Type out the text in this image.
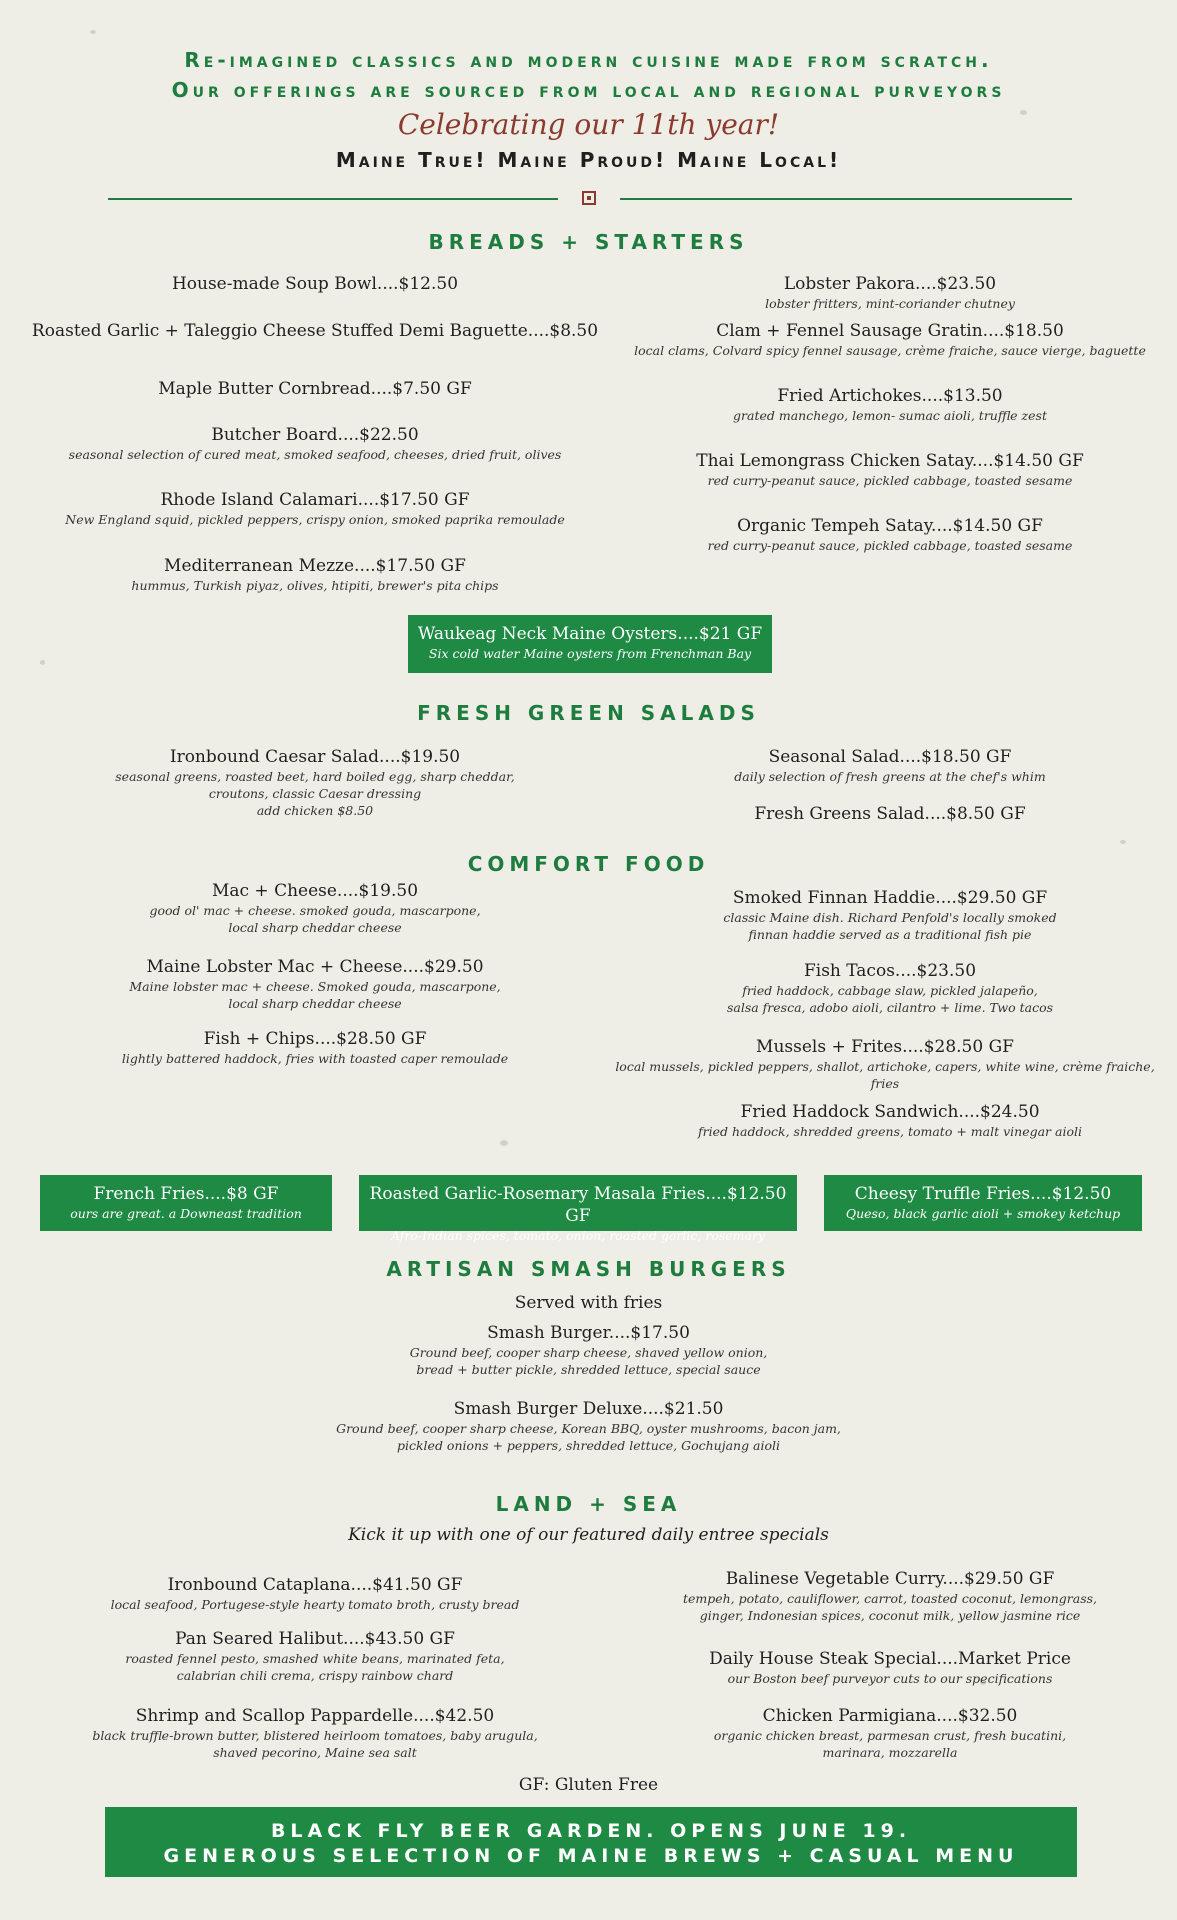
Re-imagined classics and modern cuisine made from scratch.
Our offerings are sourced from local and regional purveyors
Celebrating our 11th year!
Maine True! Maine Proud! Maine Local!
BREADS + STARTERS
House-made Soup Bowl....$12.50
Roasted Garlic + Taleggio Cheese Stuffed Demi Baguette....$8.50
Maple Butter Cornbread....$7.50 GF
Butcher Board....$22.50
seasonal selection of cured meat, smoked seafood, cheeses, dried fruit, olives
Rhode Island Calamari....$17.50 GF
New England squid, pickled peppers, crispy onion, smoked paprika remoulade
Mediterranean Mezze....$17.50 GF
hummus, Turkish piyaz, olives, htipiti, brewer's pita chips
Lobster Pakora....$23.50
lobster fritters, mint-coriander chutney
Clam + Fennel Sausage Gratin....$18.50
local clams, Colvard spicy fennel sausage, crème fraiche, sauce vierge, baguette
Fried Artichokes....$13.50
grated manchego, lemon- sumac aioli, truffle zest
Thai Lemongrass Chicken Satay....$14.50 GF
red curry-peanut sauce, pickled cabbage, toasted sesame
Organic Tempeh Satay....$14.50 GF
red curry-peanut sauce, pickled cabbage, toasted sesame
Waukeag Neck Maine Oysters....$21 GF
Six cold water Maine oysters from Frenchman Bay
FRESH GREEN SALADS
Ironbound Caesar Salad....$19.50
seasonal greens, roasted beet, hard boiled egg, sharp cheddar,
croutons, classic Caesar dressing
add chicken $8.50
Seasonal Salad....$18.50 GF
daily selection of fresh greens at the chef's whim
Fresh Greens Salad....$8.50 GF
COMFORT FOOD
Mac + Cheese....$19.50
good ol' mac + cheese. smoked gouda, mascarpone,
local sharp cheddar cheese
Maine Lobster Mac + Cheese....$29.50
Maine lobster mac + cheese. Smoked gouda, mascarpone,
local sharp cheddar cheese
Fish + Chips....$28.50 GF
lightly battered haddock, fries with toasted caper remoulade
Smoked Finnan Haddie....$29.50 GF
classic Maine dish. Richard Penfold's locally smoked
finnan haddie served as a traditional fish pie
Fish Tacos....$23.50
fried haddock, cabbage slaw, pickled jalapeño,
salsa fresca, adobo aioli, cilantro + lime. Two tacos
Mussels + Frites....$28.50 GF
local mussels, pickled peppers, shallot, artichoke, capers, white wine, crème fraiche, fries
Fried Haddock Sandwich....$24.50
fried haddock, shredded greens, tomato + malt vinegar aioli
French Fries....$8 GF
ours are great. a Downeast tradition
Roasted Garlic-Rosemary Masala Fries....$12.50 GF
Afro-Indian spices, tomato, onion, roasted garlic, rosemary
Cheesy Truffle Fries....$12.50
Queso, black garlic aioli + smokey ketchup
ARTISAN SMASH BURGERS
Served with fries
Smash Burger....$17.50
Ground beef, cooper sharp cheese, shaved yellow onion,
bread + butter pickle, shredded lettuce, special sauce
Smash Burger Deluxe....$21.50
Ground beef, cooper sharp cheese, Korean BBQ, oyster mushrooms, bacon jam,
pickled onions + peppers, shredded lettuce, Gochujang aioli
LAND + SEA
Kick it up with one of our featured daily entree specials
Ironbound Cataplana....$41.50 GF
local seafood, Portugese-style hearty tomato broth, crusty bread
Pan Seared Halibut....$43.50 GF
roasted fennel pesto, smashed white beans, marinated feta,
calabrian chili crema, crispy rainbow chard
Shrimp and Scallop Pappardelle....$42.50
black truffle-brown butter, blistered heirloom tomatoes, baby arugula,
shaved pecorino, Maine sea salt
Balinese Vegetable Curry....$29.50 GF
tempeh, potato, cauliflower, carrot, toasted coconut, lemongrass,
ginger, Indonesian spices, coconut milk, yellow jasmine rice
Daily House Steak Special....Market Price
our Boston beef purveyor cuts to our specifications
Chicken Parmigiana....$32.50
organic chicken breast, parmesan crust, fresh bucatini,
marinara, mozzarella
GF: Gluten Free
BLACK FLY BEER GARDEN. OPENS JUNE 19.
GENEROUS SELECTION OF MAINE BREWS + CASUAL MENU
